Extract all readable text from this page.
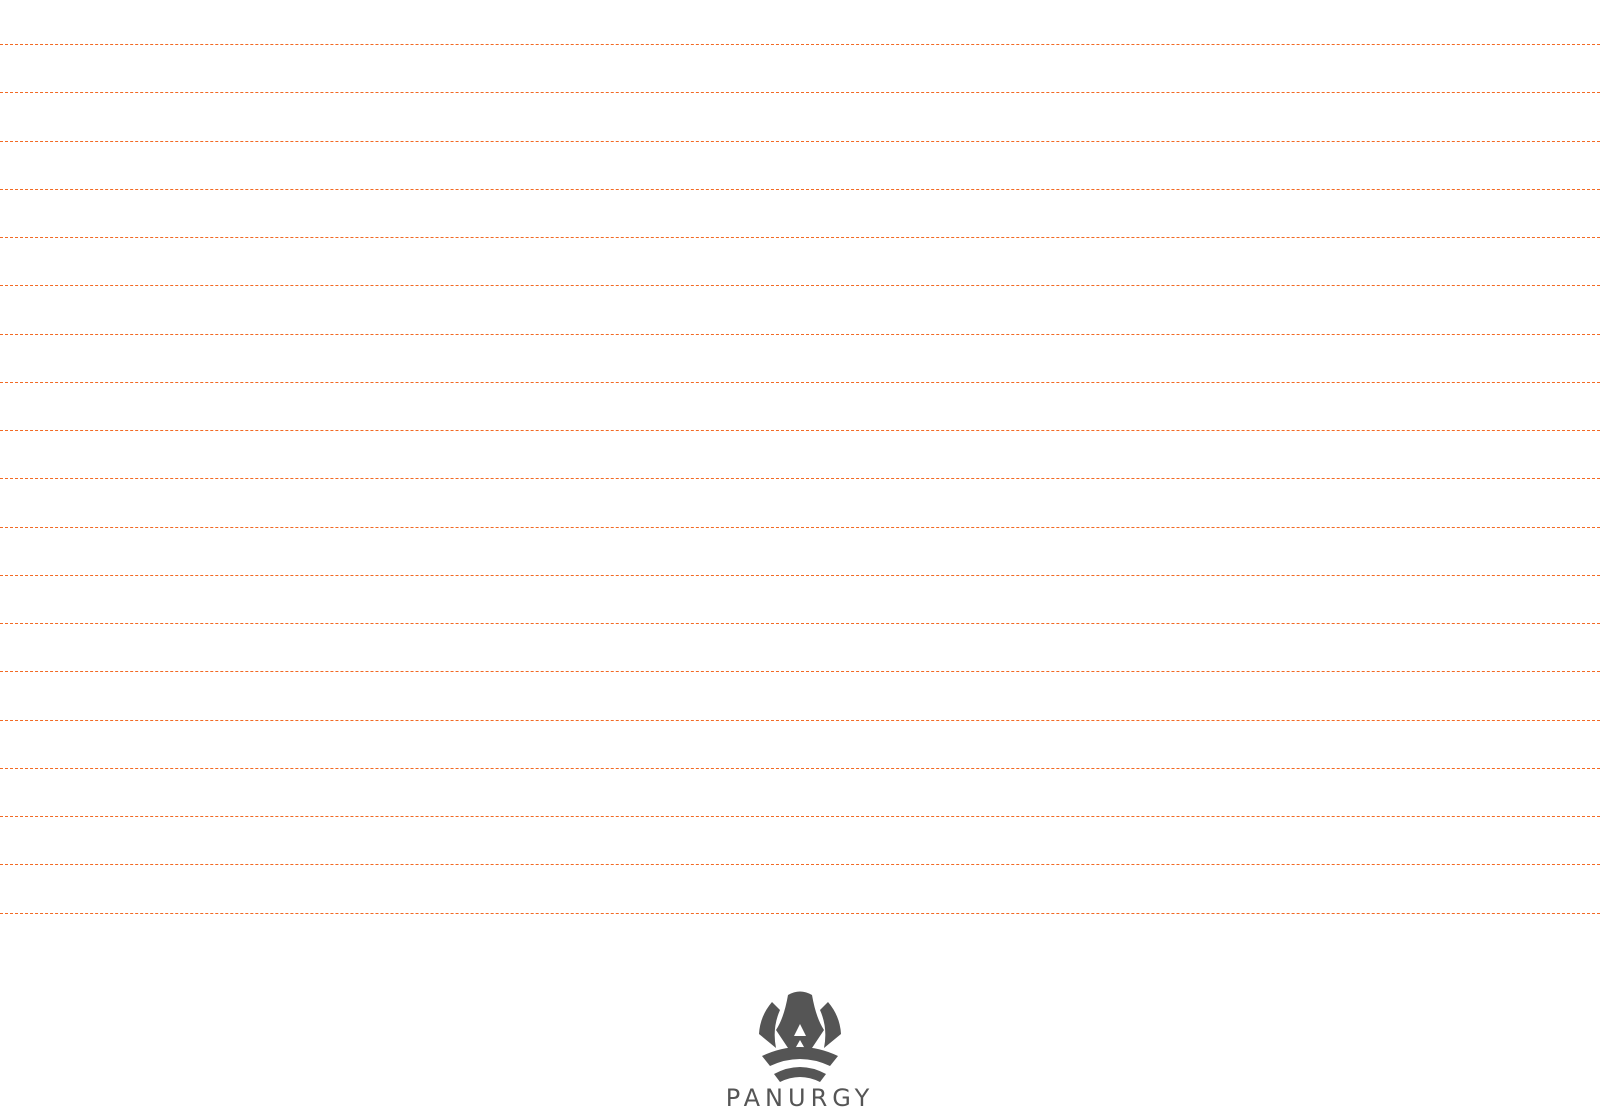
PANURGY
